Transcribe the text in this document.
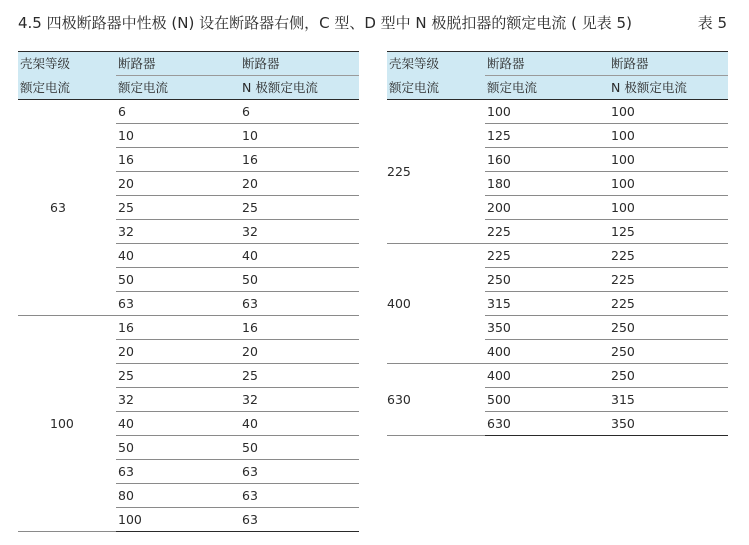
4.5 四极断路器中性极 (N) 设在断路器右侧，C 型、D 型中 N 极脱扣器的额定电流 ( 见表 5)	表 5
壳架等级	断路器	断路器
额定电流	额定电流	N 极额定电流
63	6	6
	10	10
	16	16
	20	20
	25	25
	32	32
	40	40
	50	50
	63	63
100	16	16
	20	20
	25	25
	32	32
	40	40
	50	50
	63	63
	80	63
	100	63
壳架等级	断路器	断路器
额定电流	额定电流	N 极额定电流
225	100	100
	125	100
	160	100
	180	100
	200	100
	225	125
400	225	225
	250	225
	315	225
	350	250
	400	250
630	400	250
	500	315
	630	350
